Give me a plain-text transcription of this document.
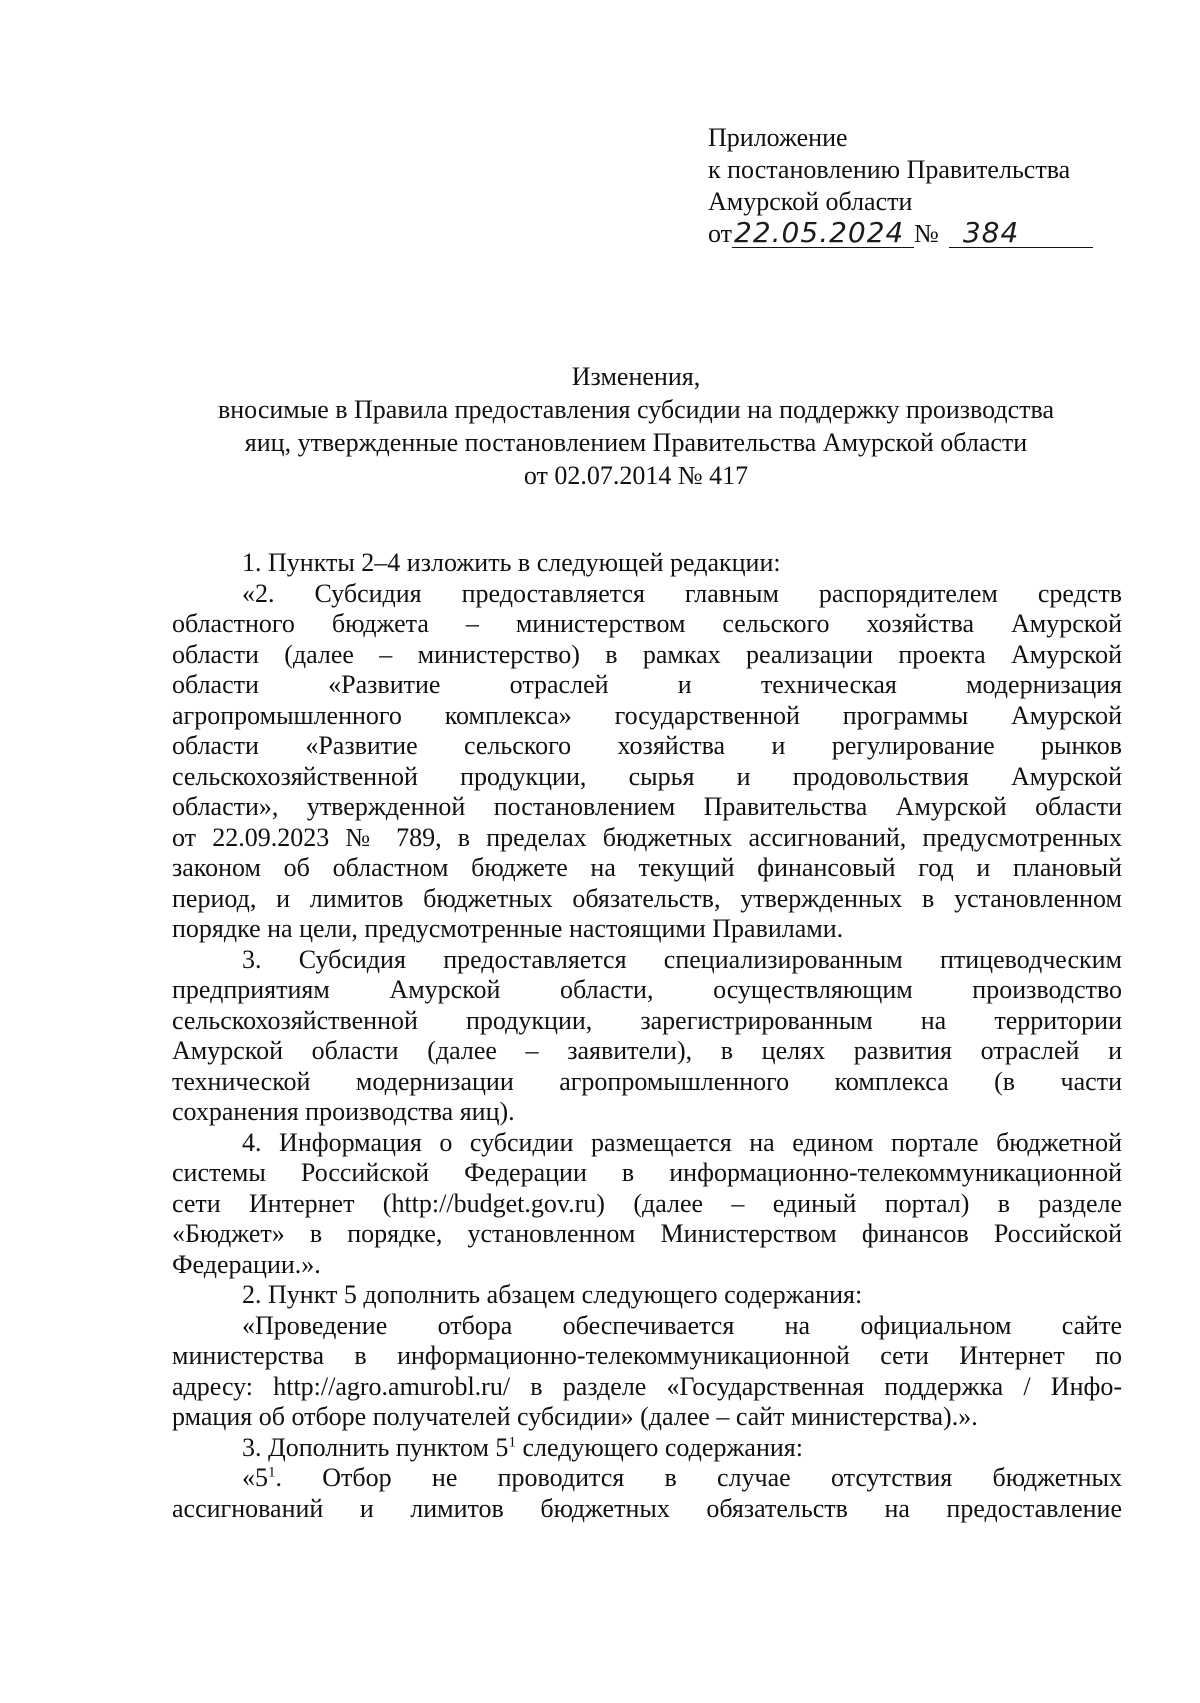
Приложение
к постановлению Правительства
Амурской области
от22.05.2024 № 384
Изменения,
вносимые в Правила предоставления субсидии на поддержку производства
яиц, утвержденные постановлением Правительства Амурской области
от 02.07.2014 № 417
1. Пункты 2–4 изложить в следующей редакции:
«2. Субсидия предоставляется главным распорядителем средств
областного бюджета – министерством сельского хозяйства Амурской
области (далее – министерство) в рамках реализации проекта Амурской
области «Развитие отраслей и техническая модернизация
агропромышленного комплекса» государственной программы Амурской
области «Развитие сельского хозяйства и регулирование рынков
сельскохозяйственной продукции, сырья и продовольствия Амурской
области», утвержденной постановлением Правительства Амурской области
от 22.09.2023 № 789, в пределах бюджетных ассигнований, предусмотренных
законом об областном бюджете на текущий финансовый год и плановый
период, и лимитов бюджетных обязательств, утвержденных в установленном
порядке на цели, предусмотренные настоящими Правилами.
3. Субсидия предоставляется специализированным птицеводческим
предприятиям Амурской области, осуществляющим производство
сельскохозяйственной продукции, зарегистрированным на территории
Амурской области (далее – заявители), в целях развития отраслей и
технической модернизации агропромышленного комплекса (в части
сохранения производства яиц).
4. Информация о субсидии размещается на едином портале бюджетной
системы Российской Федерации в информационно-телекоммуникационной
сети Интернет (http://budget.gov.ru) (далее – единый портал) в разделе
«Бюджет» в порядке, установленном Министерством финансов Российской
Федерации.».
2. Пункт 5 дополнить абзацем следующего содержания:
«Проведение отбора обеспечивается на официальном сайте
министерства в информационно-телекоммуникационной сети Интернет по
адресу: http://agro.amurobl.ru/ в разделе «Государственная поддержка / Инфо-
рмация об отборе получателей субсидии» (далее – сайт министерства).».
3. Дополнить пунктом $5^1$ следующего содержания:
«$5^1$. Отбор не проводится в случае отсутствия бюджетных
ассигнований и лимитов бюджетных обязательств на предоставление
